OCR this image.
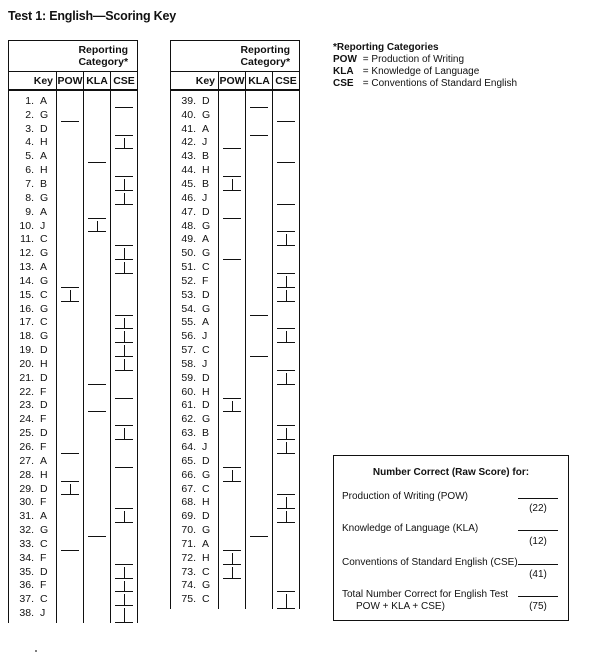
Test 1: English—Scoring Key
Reporting
Category*			
Key	POW	KLA	CSE
1. A			

2. G	

3. D			

4. H			

5. A		

6. H			

7. B			

8. G			

9. A		

10. J		

11. C			

12. G			

13. A			

14. G	

15. C	

16. G			

17. C			

18. G			

19. D			

20. H			

21. D		

22. F			

23. D		

24. F			

25. D			

26. F	

27. A			

28. H	

29. D	

30. F			

31. A			

32. G		

33. C	

34. F			

35. D			

36. F			

37. C			

38. J			
Reporting
Category*			
Key	POW	KLA	CSE
39. D		

40. G			

41. A		

42. J	

43. B			

44. H	

45. B	

46. J			

47. D	

48. G			

49. A			

50. G	

51. C			

52. F			

53. D			

54. G		

55. A			

56. J			

57. C		

58. J			

59. D			

60. H	

61. D	

62. G			

63. B			

64. J			

65. D	

66. G	

67. C			

68. H			

69. D			

70. G		

71. A	

72. H	

73. C	

74. G			

75. C			
*Reporting Categories
POW = Production of Writing
KLA = Knowledge of Language
CSE = Conventions of Standard English
Number Correct (Raw Score) for:
Production of Writing (POW)
(22)
Knowledge of Language (KLA)
(12)
Conventions of Standard English (CSE)
(41)
Total Number Correct for English Test
POW + KLA + CSE)	(75)
